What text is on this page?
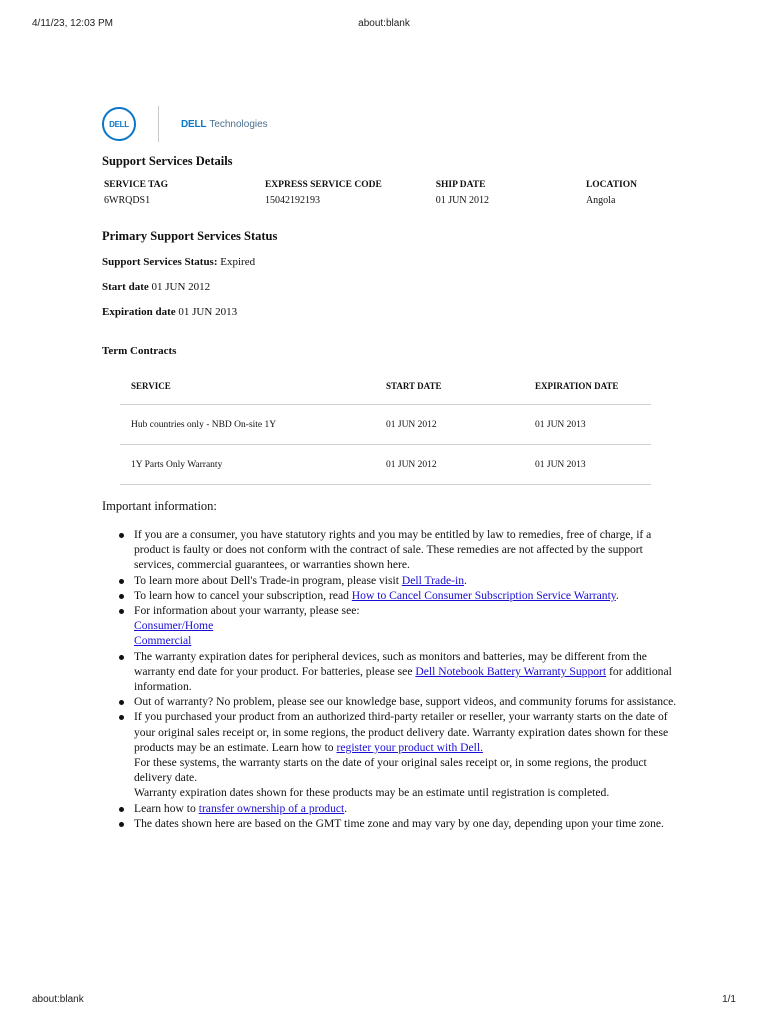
4/11/23, 12:03 PM	about:blank
DELL	DELL Technologies
Support Services Details
SERVICE TAG	EXPRESS SERVICE CODE	SHIP DATE	LOCATION
6WRQDS1	15042192193	01 JUN 2012	Angola
Primary Support Services Status
Support Services Status: Expired
Start date 01 JUN 2012
Expiration date 01 JUN 2013
Term Contracts
SERVICE	START DATE	EXPIRATION DATE
Hub countries only - NBD On-site 1Y	01 JUN 2012	01 JUN 2013
1Y Parts Only Warranty	01 JUN 2012	01 JUN 2013
Important information:
If you are a consumer, you have statutory rights and you may be entitled by law to remedies, free of charge, if a product is faulty or does not conform with the contract of sale. These remedies are not affected by the support services, commercial guarantees, or warranties shown here.
To learn more about Dell's Trade-in program, please visit Dell Trade-in.
To learn how to cancel your subscription, read How to Cancel Consumer Subscription Service Warranty.
For information about your warranty, please see:
Consumer/Home
Commercial
The warranty expiration dates for peripheral devices, such as monitors and batteries, may be different from the warranty end date for your product. For batteries, please see Dell Notebook Battery Warranty Support for additional information.
Out of warranty? No problem, please see our knowledge base, support videos, and community forums for assistance.
If you purchased your product from an authorized third-party retailer or reseller, your warranty starts on the date of your original sales receipt or, in some regions, the product delivery date. Warranty expiration dates shown for these products may be an estimate. Learn how to register your product with Dell.
For these systems, the warranty starts on the date of your original sales receipt or, in some regions, the product delivery date.
Warranty expiration dates shown for these products may be an estimate until registration is completed.
Learn how to transfer ownership of a product.
The dates shown here are based on the GMT time zone and may vary by one day, depending upon your time zone.
about:blank	1/1
